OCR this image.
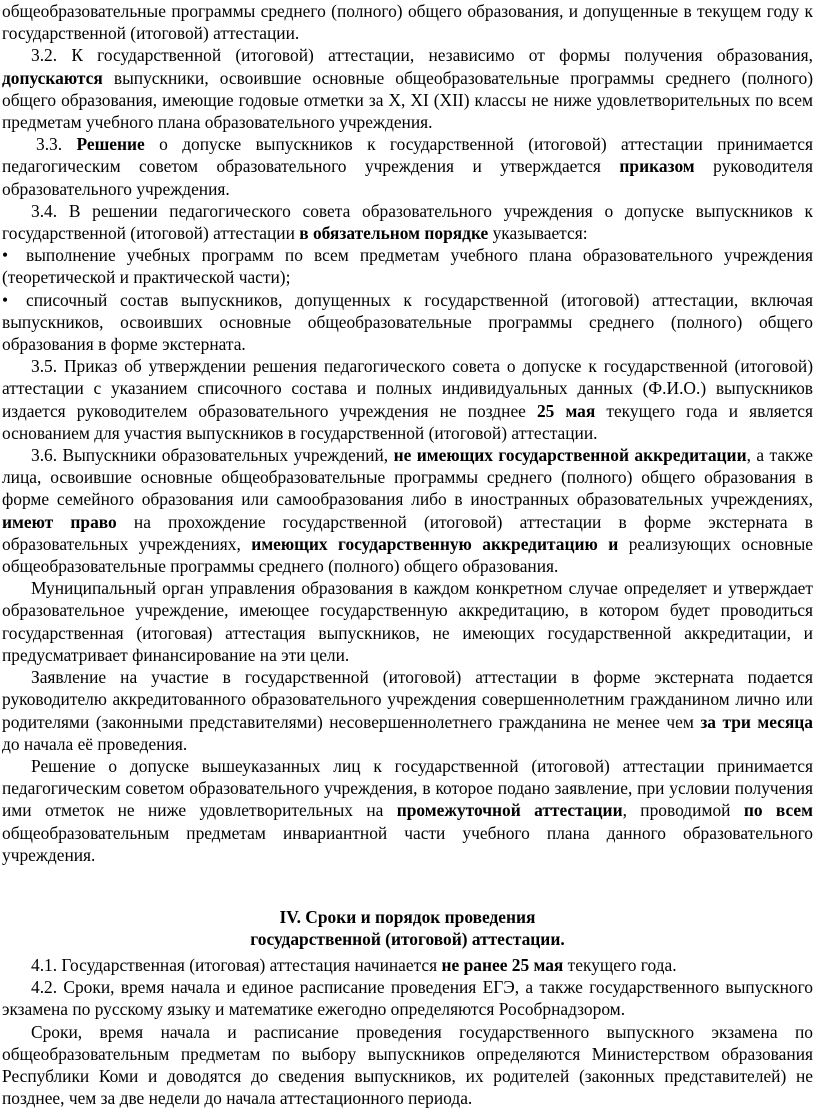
общеобразовательные программы среднего (полного) общего образования, и допущенные в текущем году к государственной (итоговой) аттестации.

3.2. К государственной (итоговой) аттестации, независимо от формы получения образования, допускаются выпускники, освоившие основные общеобразовательные программы среднего (полного) общего образования, имеющие годовые отметки за X, XI (XII) классы не ниже удовлетворительных по всем предметам учебного плана образовательного учреждения.

3.3. Решение о допуске выпускников к государственной (итоговой) аттестации принимается педагогическим советом образовательного учреждения и утверждается приказом руководителя образовательного учреждения.

3.4. В решении педагогического совета образовательного учреждения о допуске выпускников к государственной (итоговой) аттестации в обязательном порядке указывается:

• выполнение учебных программ по всем предметам учебного плана образовательного учреждения (теоретической и практической части);

• списочный состав выпускников, допущенных к государственной (итоговой) аттестации, включая выпускников, освоивших основные общеобразовательные программы среднего (полного) общего образования в форме экстерната.

3.5. Приказ об утверждении решения педагогического совета о допуске к государственной (итоговой) аттестации с указанием списочного состава и полных индивидуальных данных (Ф.И.О.) выпускников издается руководителем образовательного учреждения не позднее 25 мая текущего года и является основанием для участия выпускников в государственной (итоговой) аттестации.

3.6. Выпускники образовательных учреждений, не имеющих государственной аккредитации, а также лица, освоившие основные общеобразовательные программы среднего (полного) общего образования в форме семейного образования или самообразования либо в иностранных образовательных учреждениях, имеют право на прохождение государственной (итоговой) аттестации в форме экстерната в образовательных учреждениях, имеющих государственную аккредитацию и реализующих основные общеобразовательные программы среднего (полного) общего образования.

Муниципальный орган управления образования в каждом конкретном случае определяет и утверждает образовательное учреждение, имеющее государственную аккредитацию, в котором будет проводиться государственная (итоговая) аттестация выпускников, не имеющих государственной аккредитации, и предусматривает финансирование на эти цели.

Заявление на участие в государственной (итоговой) аттестации в форме экстерната подается руководителю аккредитованного образовательного учреждения совершеннолетним гражданином лично или родителями (законными представителями) несовершеннолетнего гражданина не менее чем за три месяца до начала её проведения.

Решение о допуске вышеуказанных лиц к государственной (итоговой) аттестации принимается педагогическим советом образовательного учреждения, в которое подано заявление, при условии получения ими отметок не ниже удовлетворительных на промежуточной аттестации, проводимой по всем общеобразовательным предметам инвариантной части учебного плана данного образовательного учреждения.

IV. Сроки и порядок проведения
государственной (итоговой) аттестации.

4.1. Государственная (итоговая) аттестация начинается не ранее 25 мая текущего года.

4.2. Сроки, время начала и единое расписание проведения ЕГЭ, а также государственного выпускного экзамена по русскому языку и математике ежегодно определяются Рособрнадзором.

Сроки, время начала и расписание проведения государственного выпускного экзамена по общеобразовательным предметам по выбору выпускников определяются Министерством образования Республики Коми и доводятся до сведения выпускников, их родителей (законных представителей) не позднее, чем за две недели до начала аттестационного периода.
